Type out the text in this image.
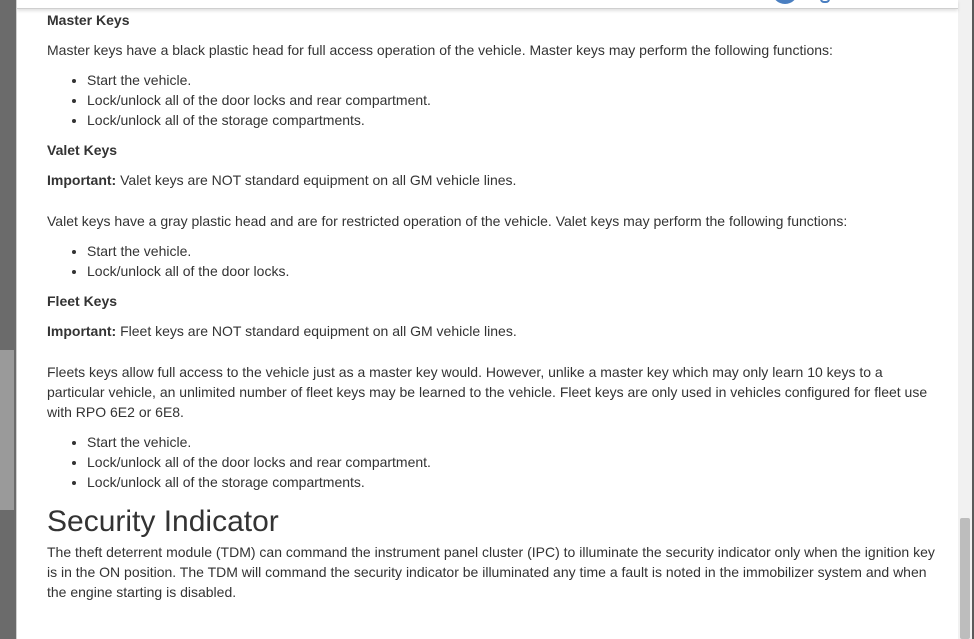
Master Keys

Master keys have a black plastic head for full access operation of the vehicle. Master keys may perform the following functions:

• Start the vehicle.
• Lock/unlock all of the door locks and rear compartment.
• Lock/unlock all of the storage compartments.
Valet Keys

Important: Valet keys are NOT standard equipment on all GM vehicle lines.

Valet keys have a gray plastic head and are for restricted operation of the vehicle. Valet keys may perform the following functions:

• Start the vehicle.
• Lock/unlock all of the door locks.
Fleet Keys

Important: Fleet keys are NOT standard equipment on all GM vehicle lines.

Fleets keys allow full access to the vehicle just as a master key would. However, unlike a master key which may only learn 10 keys to a particular vehicle, an unlimited number of fleet keys may be learned to the vehicle. Fleet keys are only used in vehicles configured for fleet use with RPO 6E2 or 6E8.

• Start the vehicle.
• Lock/unlock all of the door locks and rear compartment.
• Lock/unlock all of the storage compartments.
Security Indicator

The theft deterrent module (TDM) can command the instrument panel cluster (IPC) to illuminate the security indicator only when the ignition key is in the ON position. The TDM will command the security indicator be illuminated any time a fault is noted in the immobilizer system and when the engine starting is disabled.
